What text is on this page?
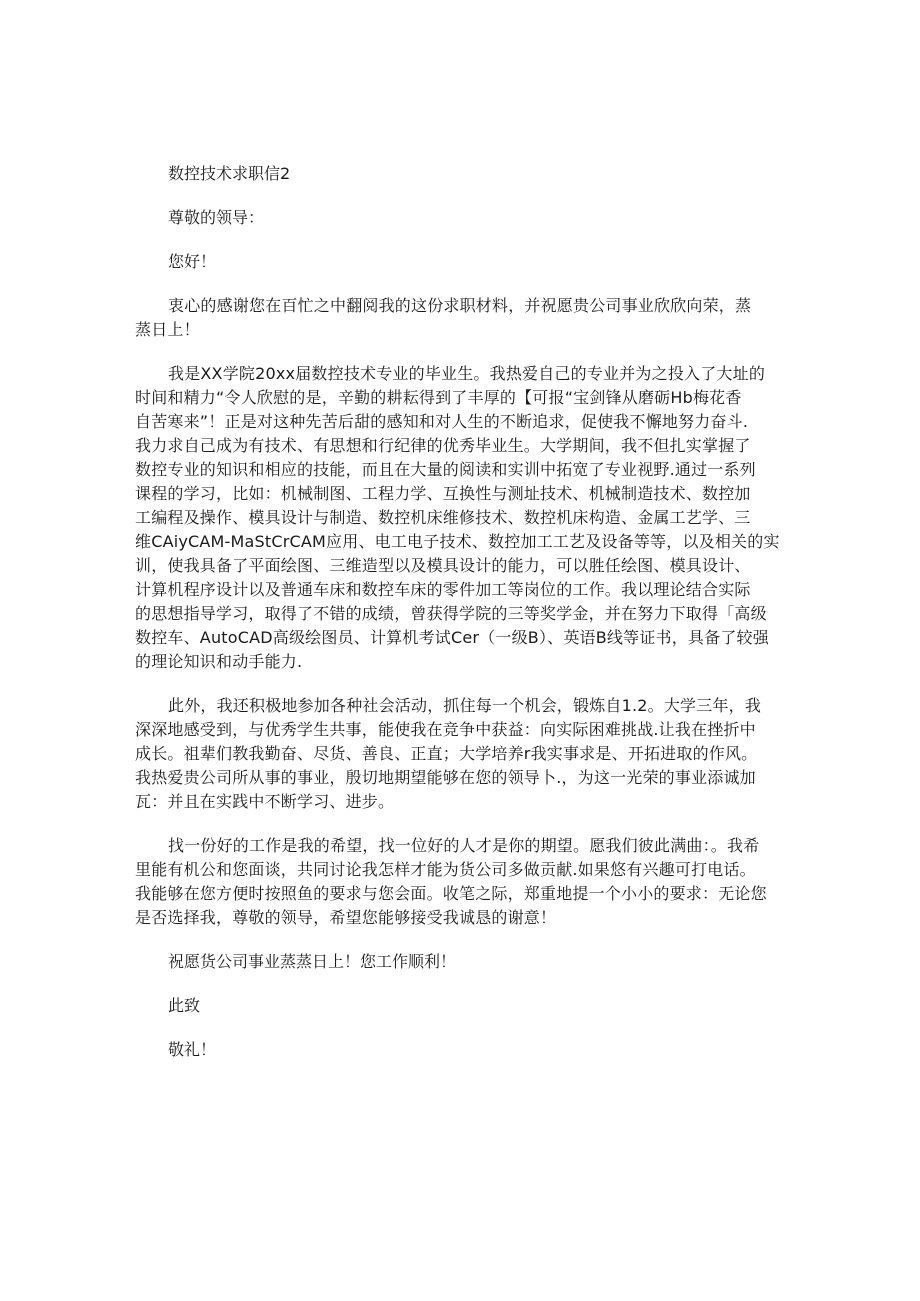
数控技术求职信2
尊敬的领导：
您好！
衷心的感谢您在百忙之中翻阅我的这份求职材料，并祝愿贵公司事业欣欣向荣，蒸
蒸日上！
我是XX学院20xx届数控技术专业的毕业生。我热爱自己的专业并为之投入了大址的
时间和精力“令人欣慰的是，辛勤的耕耘得到了丰厚的【可报“宝剑锋从磨砺Hb梅花香
自苦寒来”！正是对这种先苦后甜的感知和对人生的不断追求，促使我不懈地努力奋斗.
我力求自己成为有技术、有思想和行纪律的优秀毕业生。大学期间，我不但扎实掌握了
数控专业的知识和相应的技能，而且在大量的阅读和实训中拓宽了专业视野.通过一系列
课程的学习，比如：机械制图、工程力学、互换性与测址技术、机械制造技术、数控加
工编程及操作、模具设计与制造、数控机床维修技术、数控机床构造、金属工艺学、三
维CAiyCAM-MaStCrCAM应用、电工电子技术、数控加工工艺及设备等等，以及相关的实
训，使我具备了平面绘图、三维造型以及模具设计的能力，可以胜任绘图、模具设计、
计算机程序设计以及普通车床和数控车床的零件加工等岗位的工作。我以理论结合实际
的思想指导学习，取得了不错的成绩，曾获得学院的三等奖学金，并在努力下取得「高级
数控车、AutoCAD高级绘图员、计算机考试Cer（一级B）、英语B线等证书，具备了较强
的理论知识和动手能力.
此外，我还积极地参加各种社会活动，抓住每一个机会，锻炼自1.2。大学三年，我
深深地感受到，与优秀学生共事，能使我在竞争中获益：向实际困难挑战.让我在挫折中
成长。祖辈们教我勤奋、尽货、善良、正直；大学培养r我实事求是、开拓进取的作风。
我热爱贵公司所从事的事业，殷切地期望能够在您的领导卜.，为这一光荣的事业添诚加
瓦：并且在实践中不断学习、进步。
找一份好的工作是我的希望，找一位好的人才是你的期望。愿我们彼此满曲：。我希
里能有机公和您面谈，共同讨论我怎样才能为货公司多做贡献.如果悠有兴趣可打电话。
我能够在您方便时按照鱼的要求与您会面。收笔之际，郑重地提一个小小的要求：无论您
是否选择我，尊敬的领导，希望您能够接受我诚恳的谢意！
祝愿货公司事业蒸蒸日上！您工作顺利！
此致
敬礼！
